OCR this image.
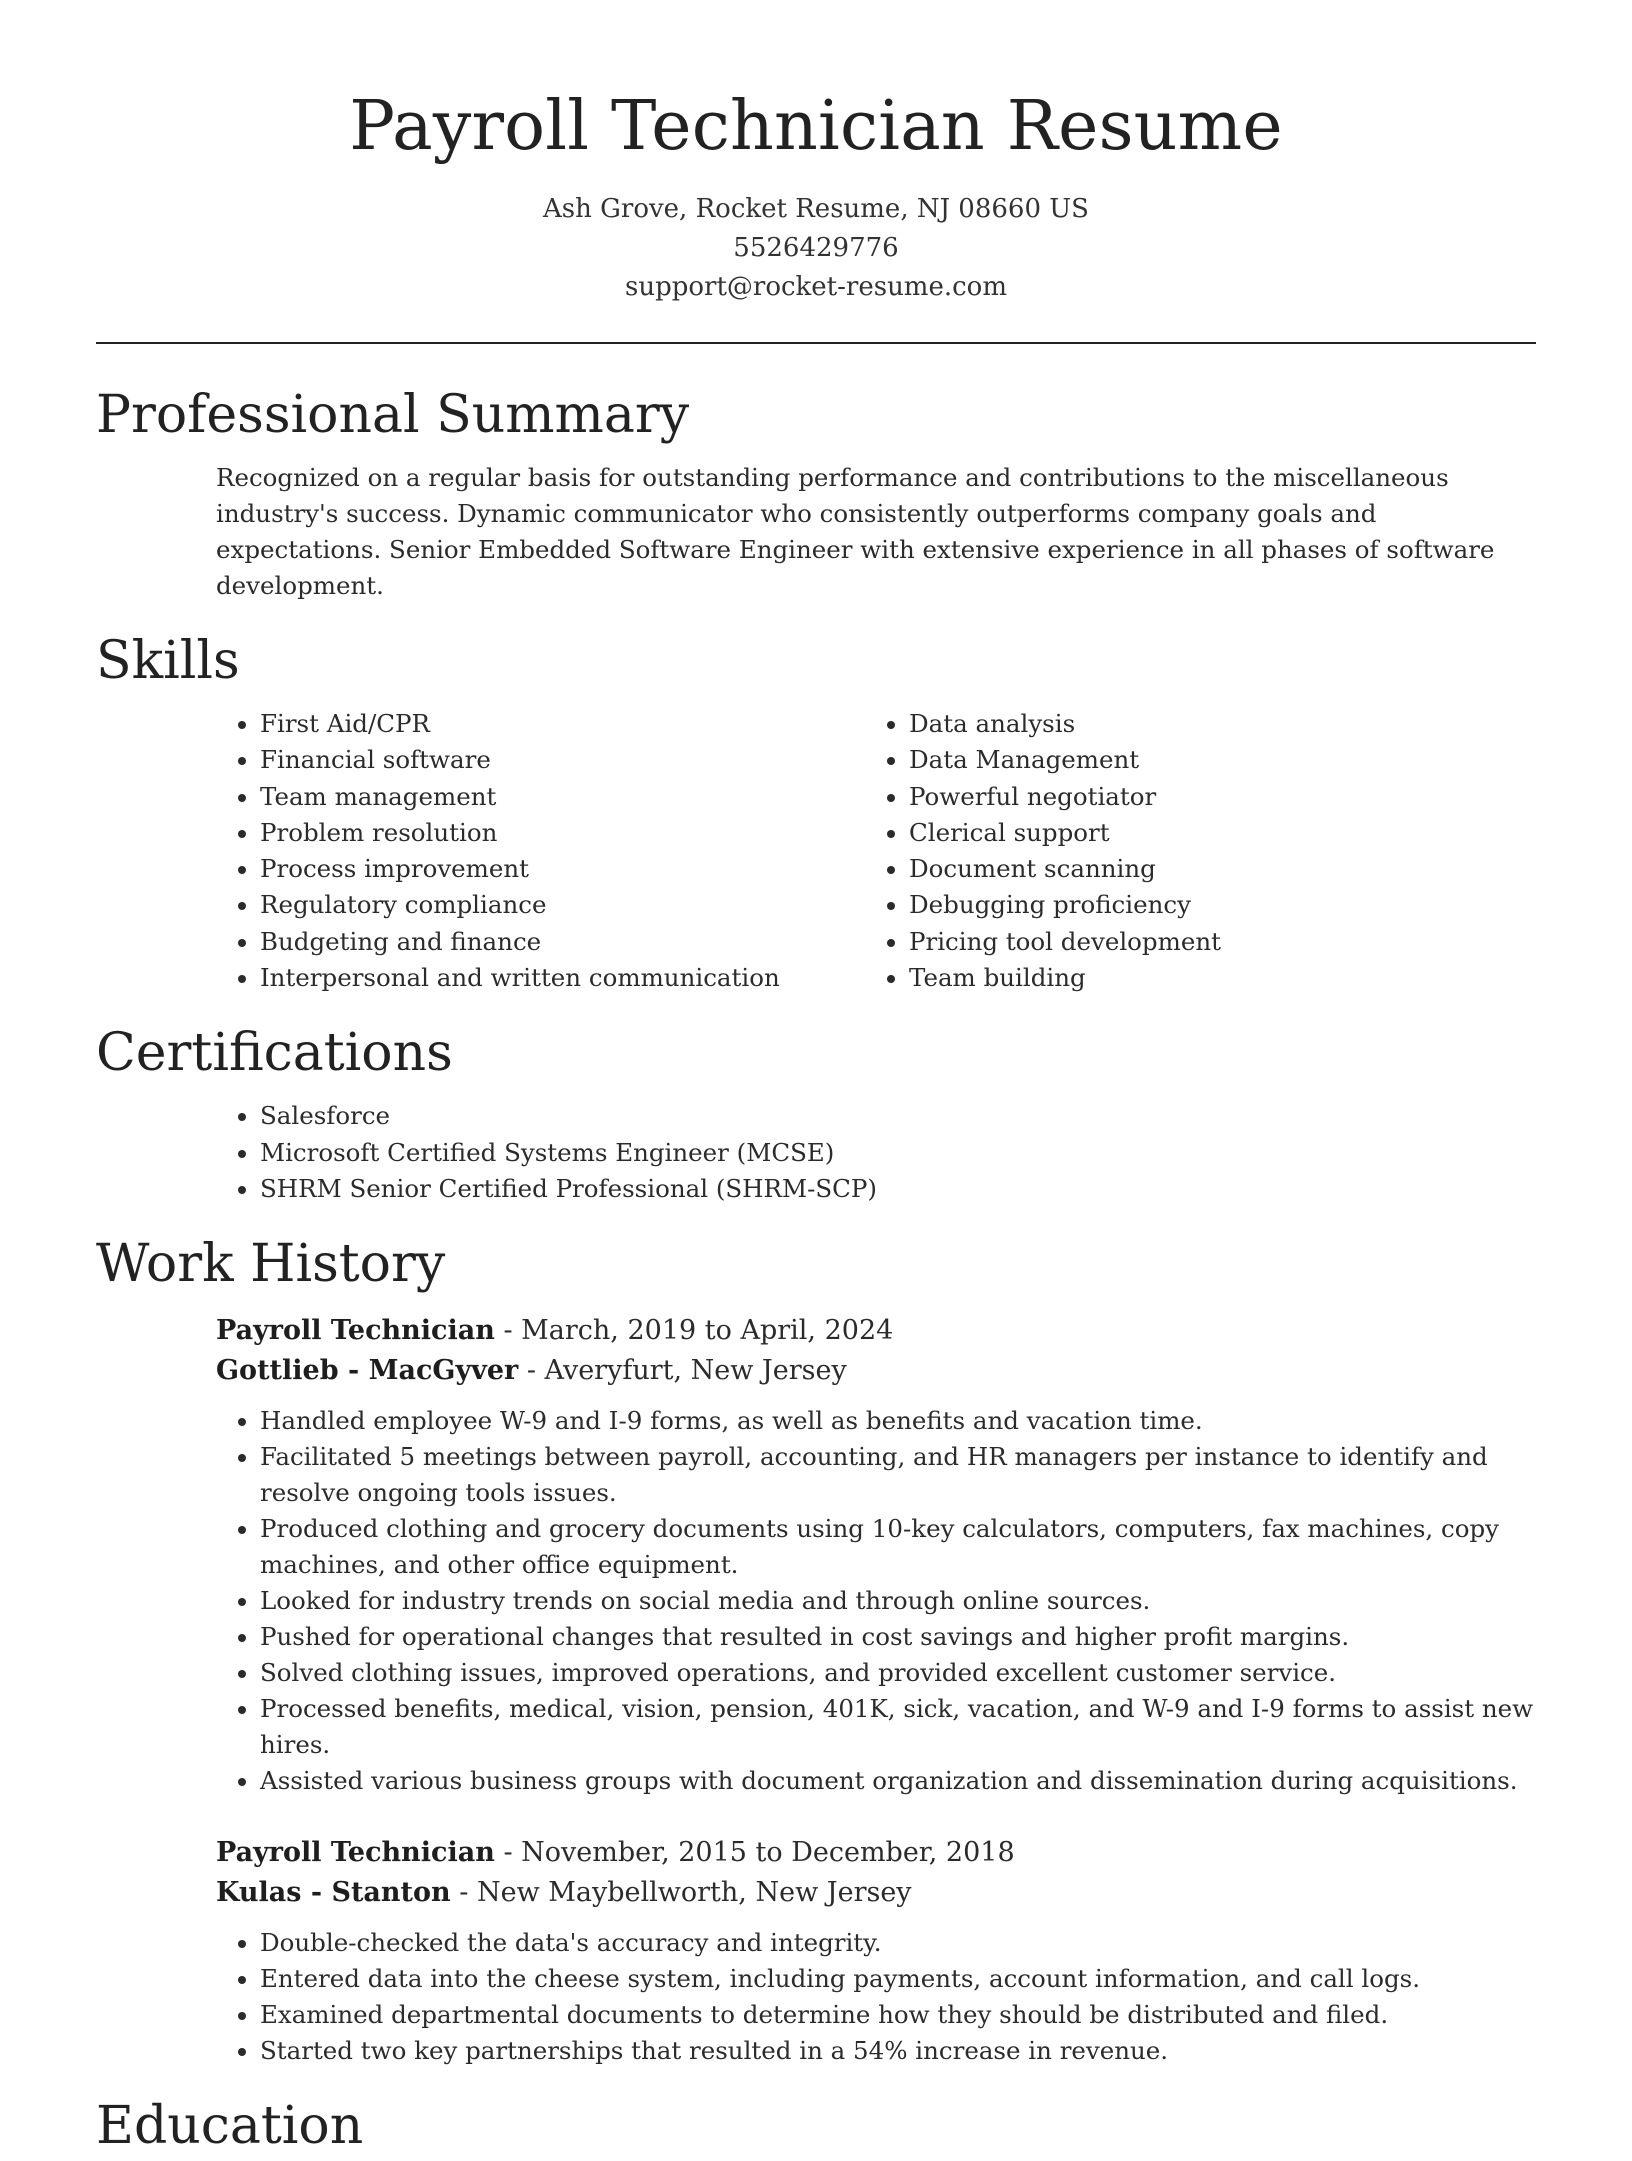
Payroll Technician Resume
Ash Grove, Rocket Resume, NJ 08660 US
5526429776
support@rocket-resume.com
Professional Summary

Recognized on a regular basis for outstanding performance and contributions to the miscellaneous industry's success. Dynamic communicator who consistently outperforms company goals and expectations. Senior Embedded Software Engineer with extensive experience in all phases of software development.

Skills
• First Aid/CPR
• Financial software
• Team management
• Problem resolution
• Process improvement
• Regulatory compliance
• Budgeting and finance
• Interpersonal and written communication
• Data analysis
• Data Management
• Powerful negotiator
• Clerical support
• Document scanning
• Debugging proficiency
• Pricing tool development
• Team building
Certifications
• Salesforce
• Microsoft Certified Systems Engineer (MCSE)
• SHRM Senior Certified Professional (SHRM-SCP)
Work History
Payroll Technician - March, 2019 to April, 2024
Gottlieb - MacGyver - Averyfurt, New Jersey
• Handled employee W-9 and I-9 forms, as well as benefits and vacation time.
• Facilitated 5 meetings between payroll, accounting, and HR managers per instance to identify and resolve ongoing tools issues.
• Produced clothing and grocery documents using 10-key calculators, computers, fax machines, copy machines, and other office equipment.
• Looked for industry trends on social media and through online sources.
• Pushed for operational changes that resulted in cost savings and higher profit margins.
• Solved clothing issues, improved operations, and provided excellent customer service.
• Processed benefits, medical, vision, pension, 401K, sick, vacation, and W-9 and I-9 forms to assist new hires.
• Assisted various business groups with document organization and dissemination during acquisitions.
Payroll Technician - November, 2015 to December, 2018
Kulas - Stanton - New Maybellworth, New Jersey
• Double-checked the data's accuracy and integrity.
• Entered data into the cheese system, including payments, account information, and call logs.
• Examined departmental documents to determine how they should be distributed and filed.
• Started two key partnerships that resulted in a 54% increase in revenue.
Education
